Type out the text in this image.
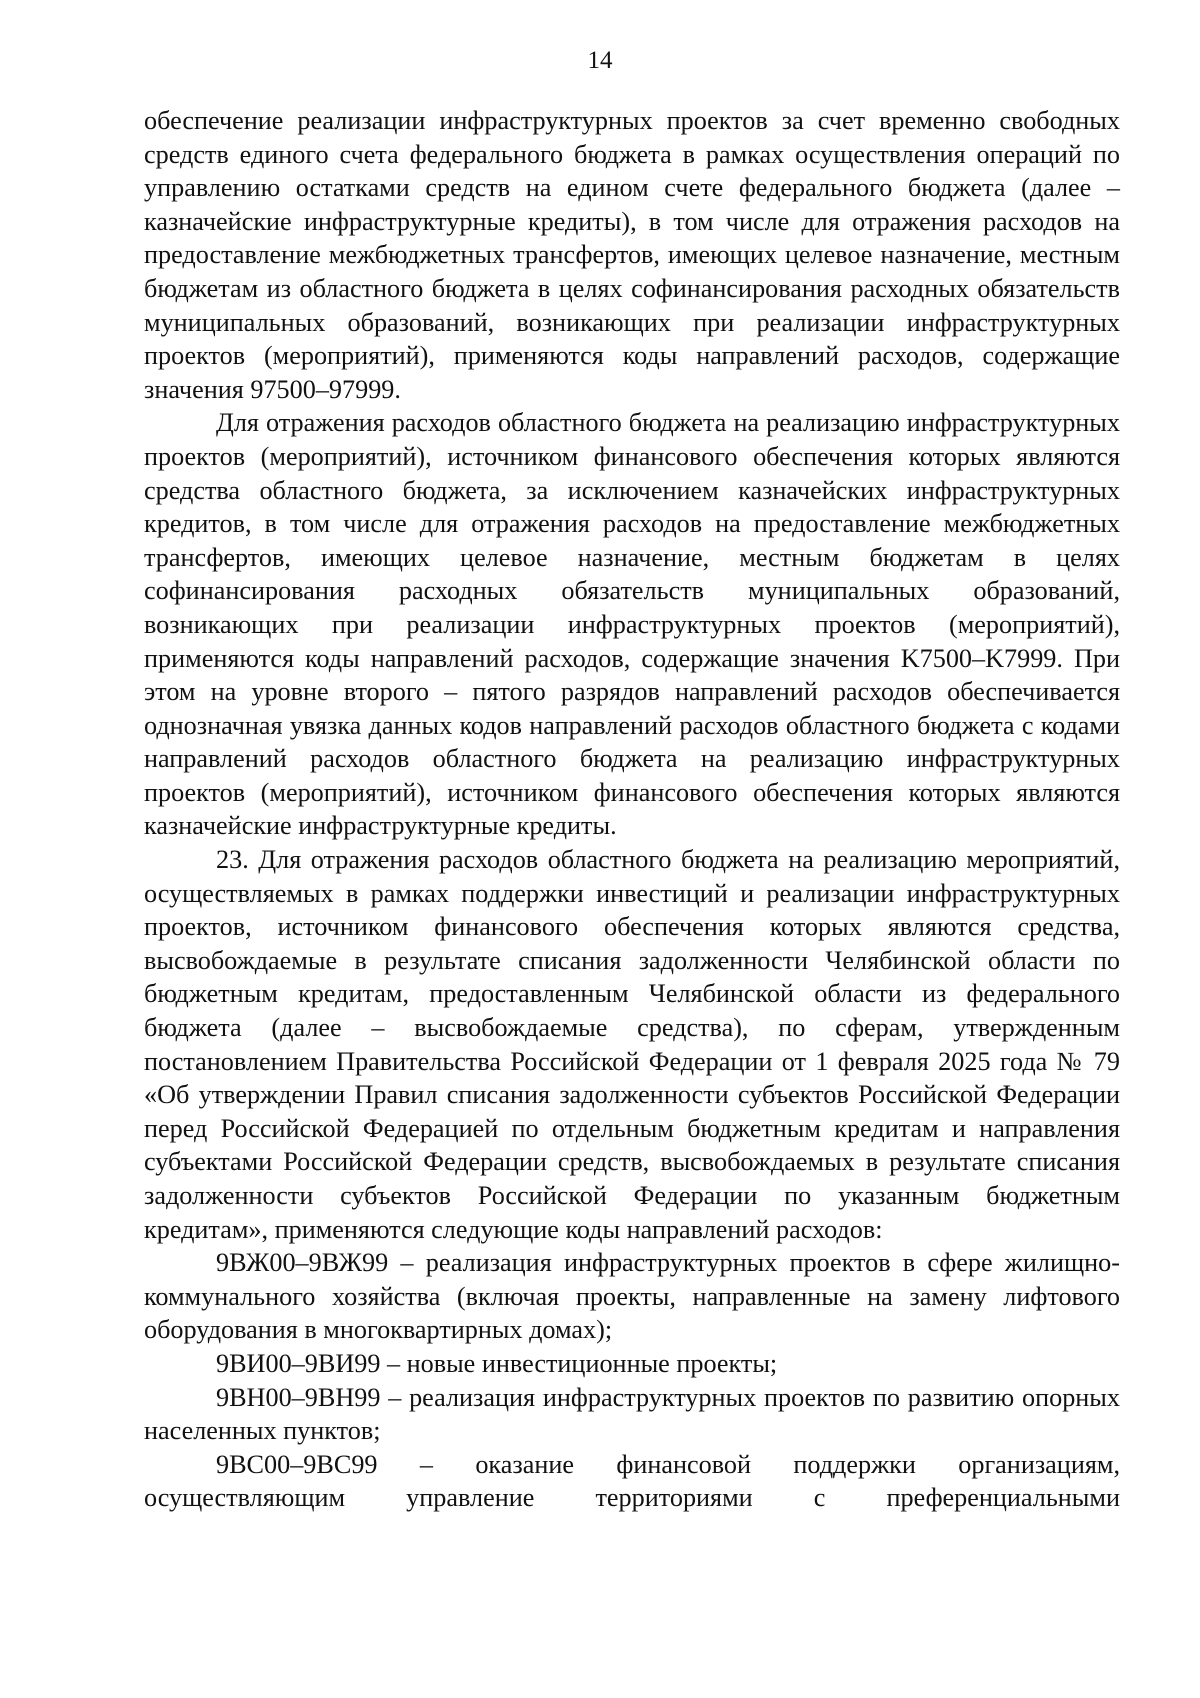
14

обеспечение реализации инфраструктурных проектов за счет временно свободных средств единого счета федерального бюджета в рамках осуществления операций по управлению остатками средств на едином счете федерального бюджета (далее – казначейские инфраструктурные кредиты), в том числе для отражения расходов на предоставление межбюджетных трансфертов, имеющих целевое назначение, местным бюджетам из областного бюджета в целях софинансирования расходных обязательств муниципальных образований, возникающих при реализации инфраструктурных проектов (мероприятий), применяются коды направлений расходов, содержащие значения 97500–97999.

Для отражения расходов областного бюджета на реализацию инфраструктурных проектов (мероприятий), источником финансового обеспечения которых являются средства областного бюджета, за исключением казначейских инфраструктурных кредитов, в том числе для отражения расходов на предоставление межбюджетных трансфертов, имеющих целевое назначение, местным бюджетам в целях софинансирования расходных обязательств муниципальных образований, возникающих при реализации инфраструктурных проектов (мероприятий), применяются коды направлений расходов, содержащие значения K7500–K7999. При этом на уровне второго – пятого разрядов направлений расходов обеспечивается однозначная увязка данных кодов направлений расходов областного бюджета с кодами направлений расходов областного бюджета на реализацию инфраструктурных проектов (мероприятий), источником финансового обеспечения которых являются казначейские инфраструктурные кредиты.

23. Для отражения расходов областного бюджета на реализацию мероприятий, осуществляемых в рамках поддержки инвестиций и реализации инфраструктурных проектов, источником финансового обеспечения которых являются средства, высвобождаемые в результате списания задолженности Челябинской области по бюджетным кредитам, предоставленным Челябинской области из федерального бюджета (далее – высвобождаемые средства), по сферам, утвержденным постановлением Правительства Российской Федерации от 1 февраля 2025 года № 79 «Об утверждении Правил списания задолженности субъектов Российской Федерации перед Российской Федерацией по отдельным бюджетным кредитам и направления субъектами Российской Федерации средств, высвобождаемых в результате списания задолженности субъектов Российской Федерации по указанным бюджетным кредитам», применяются следующие коды направлений расходов:

9ВЖ00–9ВЖ99 – реализация инфраструктурных проектов в сфере жилищно-коммунального хозяйства (включая проекты, направленные на замену лифтового оборудования в многоквартирных домах);

9ВИ00–9ВИ99 – новые инвестиционные проекты;

9ВН00–9ВН99 – реализация инфраструктурных проектов по развитию опорных населенных пунктов;

9ВС00–9ВС99 – оказание финансовой поддержки организациям, осуществляющим управление территориями с преференциальными
